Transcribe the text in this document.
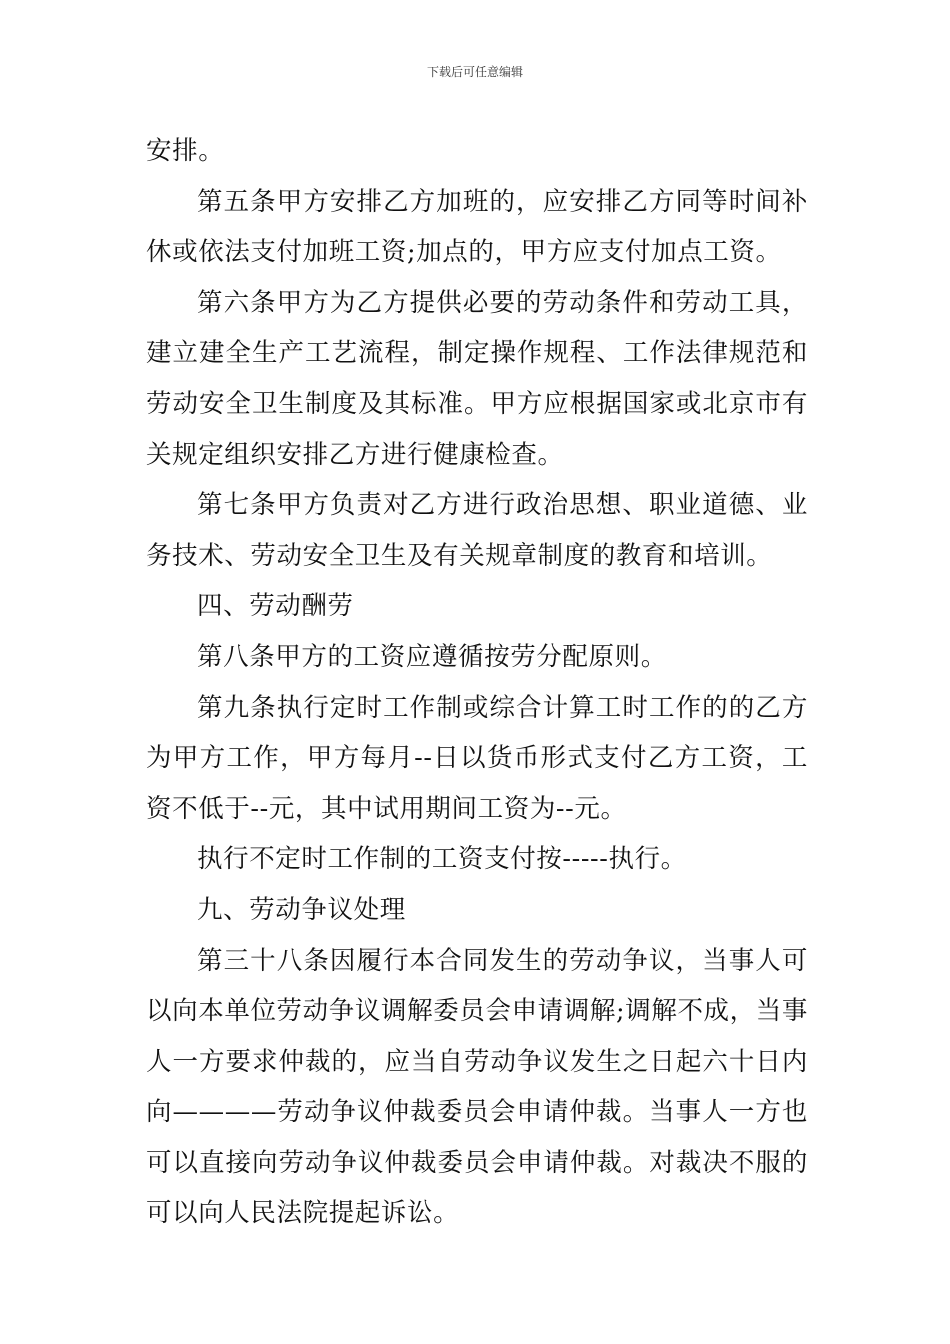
下载后可任意编辑

安排。

第五条甲方安排乙方加班的，应安排乙方同等时间补休或依法支付加班工资;加点的，甲方应支付加点工资。

第六条甲方为乙方提供必要的劳动条件和劳动工具，建立建全生产工艺流程，制定操作规程、工作法律规范和劳动安全卫生制度及其标准。甲方应根据国家或北京市有关规定组织安排乙方进行健康检查。

第七条甲方负责对乙方进行政治思想、职业道德、业务技术、劳动安全卫生及有关规章制度的教育和培训。

四、劳动酬劳

第八条甲方的工资应遵循按劳分配原则。

第九条执行定时工作制或综合计算工时工作的的乙方为甲方工作，甲方每月--日以货币形式支付乙方工资，工资不低于--元，其中试用期间工资为--元。

执行不定时工作制的工资支付按-----执行。

九、劳动争议处理

第三十八条因履行本合同发生的劳动争议，当事人可以向本单位劳动争议调解委员会申请调解;调解不成，当事人一方要求仲裁的，应当自劳动争议发生之日起六十日内向————劳动争议仲裁委员会申请仲裁。当事人一方也可以直接向劳动争议仲裁委员会申请仲裁。对裁决不服的可以向人民法院提起诉讼。
